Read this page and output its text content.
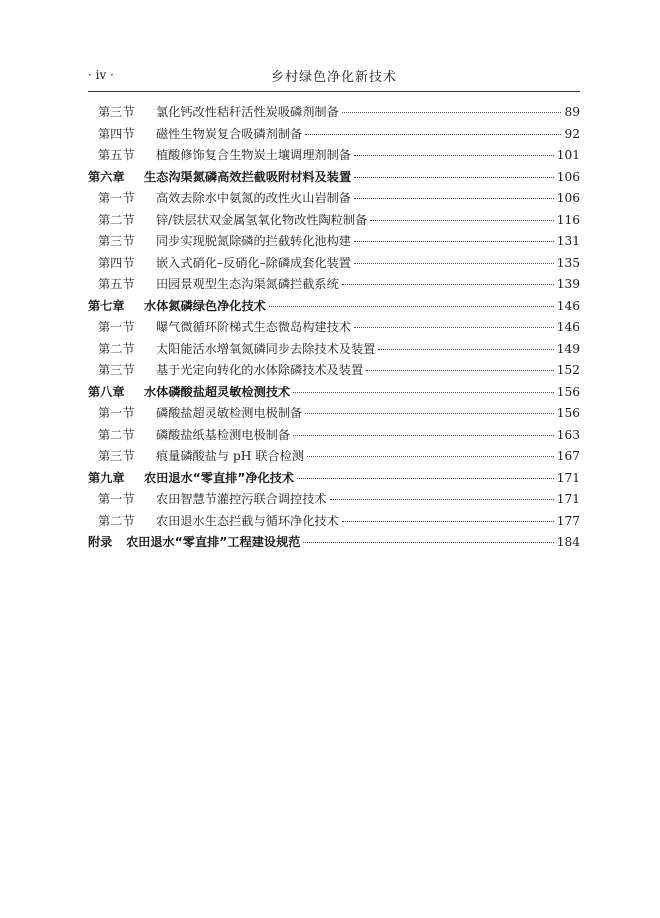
· iv ·	乡村绿色净化新技术
第三节	氯化钙改性秸秆活性炭吸磷剂制备	89
第四节	磁性生物炭复合吸磷剂制备	92
第五节	植酸修饰复合生物炭土壤调理剂制备	101
第六章	生态沟渠氮磷高效拦截吸附材料及装置	106
第一节	高效去除水中氨氮的改性火山岩制备	106
第二节	锌/铁层状双金属氢氧化物改性陶粒制备	116
第三节	同步实现脱氮除磷的拦截转化池构建	131
第四节	嵌入式硝化–反硝化–除磷成套化装置	135
第五节	田园景观型生态沟渠氮磷拦截系统	139
第七章	水体氮磷绿色净化技术	146
第一节	曝气微循环阶梯式生态微岛构建技术	146
第二节	太阳能活水增氧氮磷同步去除技术及装置	149
第三节	基于光定向转化的水体除磷技术及装置	152
第八章	水体磷酸盐超灵敏检测技术	156
第一节	磷酸盐超灵敏检测电极制备	156
第二节	磷酸盐纸基检测电极制备	163
第三节	痕量磷酸盐与 pH 联合检测	167
第九章	农田退水“零直排”净化技术	171
第一节	农田智慧节灌控污联合调控技术	171
第二节	农田退水生态拦截与循环净化技术	177
附录	农田退水“零直排”工程建设规范	184
